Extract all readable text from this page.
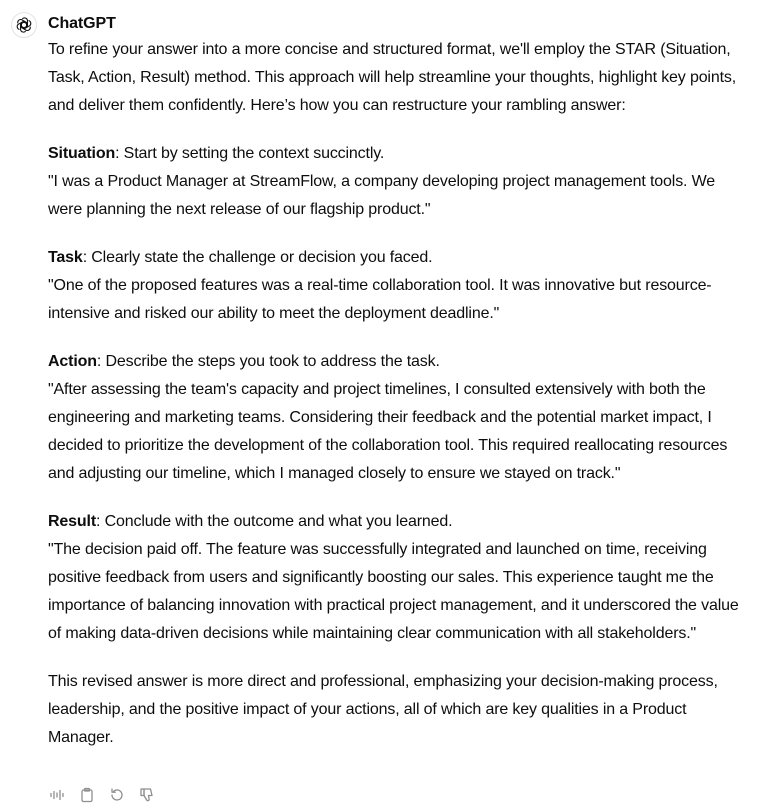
ChatGPT

To refine your answer into a more concise and structured format, we'll employ the STAR (Situation, Task, Action, Result) method. This approach will help streamline your thoughts, highlight key points, and deliver them confidently. Here’s how you can restructure your rambling answer:

Situation: Start by setting the context succinctly.
"I was a Product Manager at StreamFlow, a company developing project management tools. We were planning the next release of our flagship product."

Task: Clearly state the challenge or decision you faced.
"One of the proposed features was a real-time collaboration tool. It was innovative but resource-intensive and risked our ability to meet the deployment deadline."

Action: Describe the steps you took to address the task.
"After assessing the team's capacity and project timelines, I consulted extensively with both the engineering and marketing teams. Considering their feedback and the potential market impact, I decided to prioritize the development of the collaboration tool. This required reallocating resources and adjusting our timeline, which I managed closely to ensure we stayed on track."

Result: Conclude with the outcome and what you learned.
"The decision paid off. The feature was successfully integrated and launched on time, receiving positive feedback from users and significantly boosting our sales. This experience taught me the importance of balancing innovation with practical project management, and it underscored the value of making data-driven decisions while maintaining clear communication with all stakeholders."

This revised answer is more direct and professional, emphasizing your decision-making process, leadership, and the positive impact of your actions, all of which are key qualities in a Product Manager.
